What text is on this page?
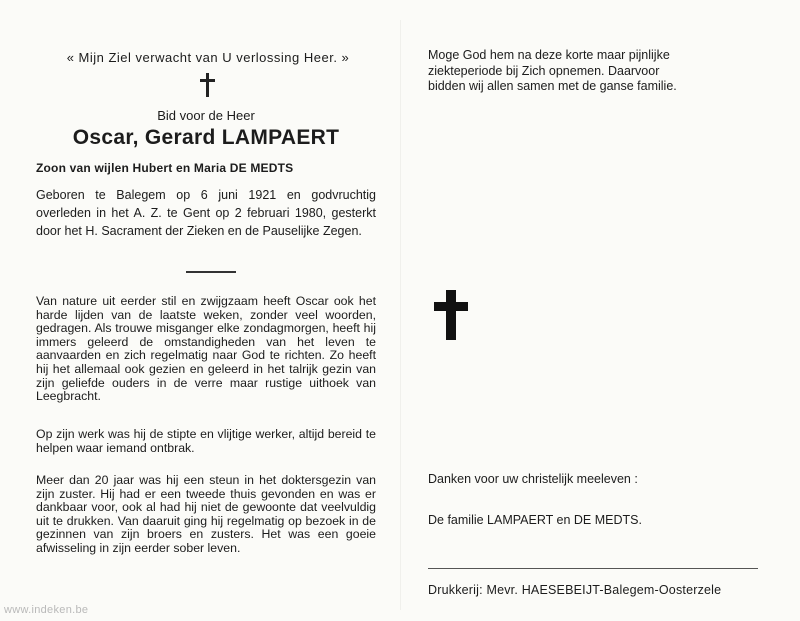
« Mijn Ziel verwacht van U verlossing Heer. »
Bid voor de Heer
Oscar, Gerard LAMPAERT
Zoon van wijlen Hubert en Maria DE MEDTS
Geboren te Balegem op 6 juni 1921 en godvruchtig overleden in het A. Z. te Gent op 2 februari 1980, gesterkt door het H. Sacrament der Zieken en de Pauselijke Zegen.
Van nature uit eerder stil en zwijgzaam heeft Oscar ook het harde lijden van de laatste weken, zonder veel woorden, gedragen. Als trouwe misganger elke zondagmorgen, heeft hij immers geleerd de omstandigheden van het leven te aanvaarden en zich regelmatig naar God te richten. Zo heeft hij het allemaal ook gezien en geleerd in het talrijk gezin van zijn geliefde ouders in de verre maar rustige uithoek van Leegbracht.
Op zijn werk was hij de stipte en vlijtige werker, altijd bereid te helpen waar iemand ontbrak.
Meer dan 20 jaar was hij een steun in het doktersgezin van zijn zuster. Hij had er een tweede thuis gevonden en was er dankbaar voor, ook al had hij niet de gewoonte dat veelvuldig uit te drukken. Van daaruit ging hij regelmatig op bezoek in de gezinnen van zijn broers en zusters. Het was een goeie afwisseling in zijn eerder sober leven.
Moge God hem na deze korte maar pijnlijke ziekteperiode bij Zich opnemen. Daarvoor bidden wij allen samen met de ganse familie.
Danken voor uw christelijk meeleven :
De familie LAMPAERT en DE MEDTS.
Drukkerij: Mevr. HAESEBEIJT-Balegem-Oosterzele
www.indeken.be
